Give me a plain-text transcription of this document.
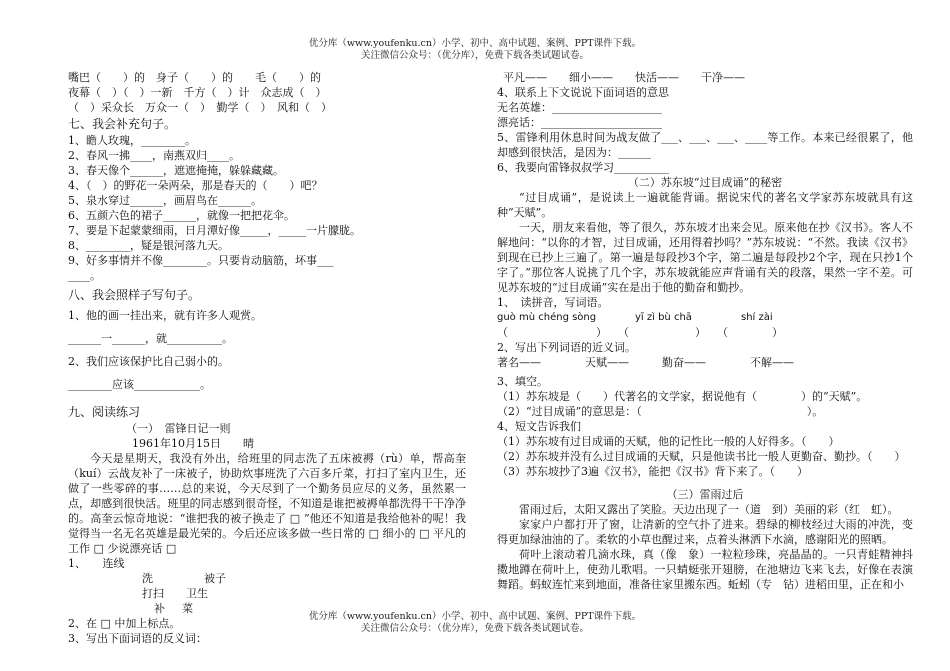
优分库（www.youfenku.cn）小学、初中、高中试题、案例、PPT课件下载。
关注微信公众号：（优分库），免费下载各类试题试卷。
嘴巴（　　）的　身子（　　）的　　毛（　　）的
夜幕（　）（　）一新　千方（　）计　众志成（　）
（　）采众长　万众一（　）　勤学（　）　风和（　）
七、我会补充句子。
1、瞻人玫瑰，________。
2、春风一拂____，南燕双归____。
3、春天像个______，遮遮掩掩，躲躲藏藏。
4、（　）的野花一朵两朵，那是春天的（　　）吧？
5、泉水穿过______，画眉鸟在______。
6、五颜六色的裙子______，就像一把把花伞。
7、要是下起蒙蒙细雨，日月潭好像_____，_____一片朦胧。
8、________，疑是银河落九天。
9、好多事情并不像________。只要肯动脑筋，坏事___
____。
八、我会照样子写句子。
1、他的画一挂出来，就有许多人观赏。
______一______，就__________。
2、我们应该保护比自己弱小的。
________应该____________。
九、阅读练习
（一）　雷锋日记一则
1961年10月15日　　晴
今天是星期天，我没有外出，给班里的同志洗了五床被褥（rù）单，帮高奎（kuí）云战友补了一床被子，协助炊事班洗了六百多斤菜，打扫了室内卫生，还做了一些零碎的事……总的来说，今天尽到了一个勤务员应尽的义务，虽然累一点，却感到很快活。班里的同志感到很奇怪，不知道是谁把被褥单都洗得干干净净的。高奎云惊奇地说：“谁把我的被子换走了 □ ”他还不知道是我给他补的呢！我觉得当一名无名英雄是最光荣的。今后还应该多做一些日常的 □ 细小的 □ 平凡的工作 □ 少说漂亮话 □
1、　　连线
洗	被子
打扫 卫生
补 菜
2、在 □ 中加上标点。
3、写出下面词语的反义词：
平凡——　　细小——　　快活——　　干净——
4、联系上下文说说下面词语的意思
无名英雄：____________________
漂亮话：______________________
5、雷锋利用休息时间为战友做了___、___、___、____等工作。本来已经很累了，他却感到很快活，是因为：______
6、我要向雷锋叔叔学习__________
（二）苏东坡“过目成诵”的秘密
“过目成诵”，是说读上一遍就能背诵。据说宋代的著名文学家苏东坡就具有这种“天赋”。
一天，朋友来看他，等了很久，苏东坡才出来会见。原来他在抄《汉书》。客人不解地问：“以你的才智，过目成诵，还用得着抄吗？”苏东坡说：“不然。我读《汉书》到现在已抄上三遍了。第一遍是每段抄3个字，第二遍是每段抄2个字，现在只抄1个字了。”那位客人说挑了几个字，苏东坡就能应声背诵有关的段落，果然一字不差。可见苏东坡的“过目成诵”实在是出于他的勤奋和勤抄。
1、　读拼音，写词语。
guò mù chéng sòng	yī zì bù chā	shí zài
（　　　　　　　　）　　（　　　　　　）　　（　　　　）
2、写出下列词语的近义词。
著名——　　　　天赋——　　　勤奋——　　　　不解——
3、填空。
（1）苏东坡是（　　）代著名的文学家，据说他有（　　　　）的“天赋”。
（2）“过目成诵”的意思是：（　　　　　　　　　　　　　　　）。
4、短文告诉我们
（1）苏东坡有过目成诵的天赋，他的记性比一般的人好得多。（　　）
（2）苏东坡并没有么过目成诵的天赋，只是他读书比一般人更勤奋、勤抄。（　　）
（3）苏东坡抄了3遍《汉书》，能把《汉书》背下来了。（　　）
（三）雷雨过后
雷雨过后，太阳又露出了笑脸。天边出现了一（道　到）美丽的彩（红　虹）。
家家户户都打开了窗，让清新的空气扑了进来。碧绿的柳枝经过大雨的冲洗，变得更加绿油油的了。柔软的小草也醒过来，点着头淋洒下水滴，感谢阳光的照晒。
荷叶上滚动着几滴水珠，真（像　象）一粒粒珍珠，亮晶晶的。一只青蛙精神抖擞地蹲在荷叶上，使劲儿歌唱。一只蜻蜓张开翅膀，在池塘边飞来飞去，好像在表演舞蹈。蚂蚁连忙来到地面，准备往家里搬东西。蚯蚓（专　钻）进稻田里，正在和小
优分库（www.youfenku.cn）小学、初中、高中试题、案例、PPT课件下载。
关注微信公众号：（优分库），免费下载各类试题试卷。
